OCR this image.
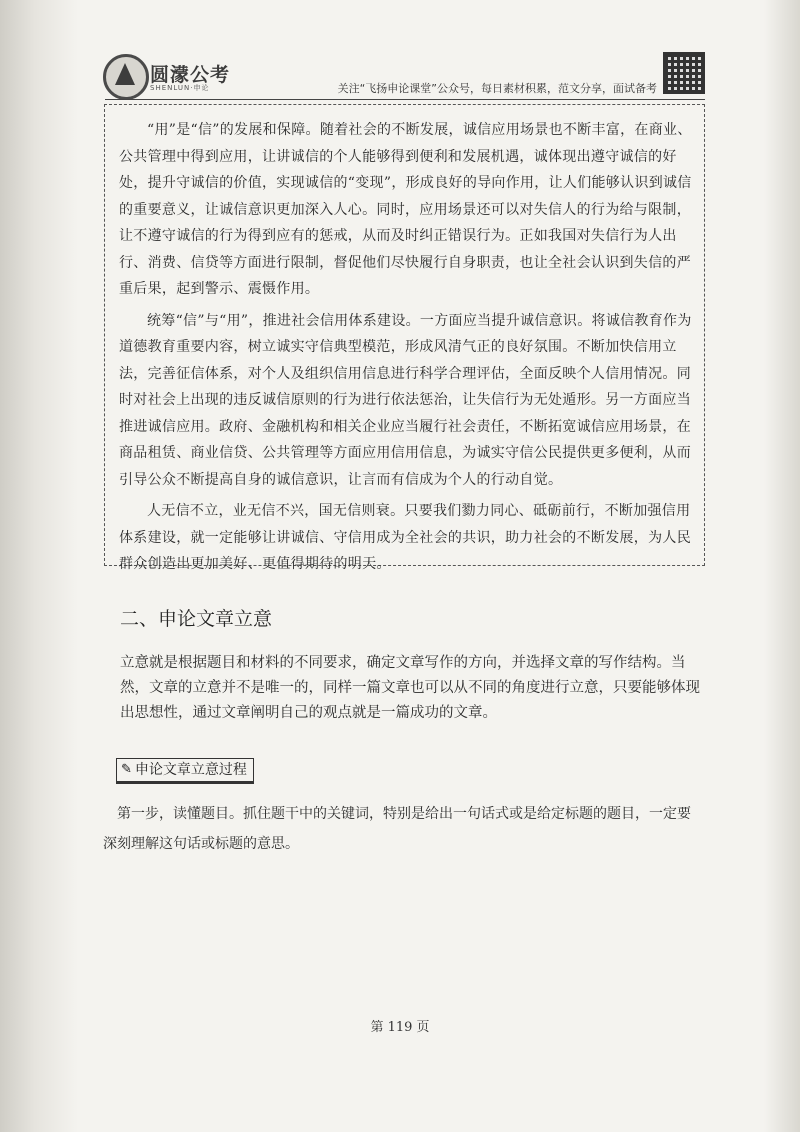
圆濛公考
SHENLUN·申论	关注“飞扬申论课堂”公众号，每日素材积累，范文分享，面试备考

“用”是“信”的发展和保障。随着社会的不断发展，诚信应用场景也不断丰富，在商业、公共管理中得到应用，让讲诚信的个人能够得到便利和发展机遇，诚体现出遵守诚信的好处，提升守诚信的价值，实现诚信的“变现”，形成良好的导向作用，让人们能够认识到诚信的重要意义，让诚信意识更加深入人心。同时，应用场景还可以对失信人的行为给与限制，让不遵守诚信的行为得到应有的惩戒，从而及时纠正错误行为。正如我国对失信行为人出行、消费、信贷等方面进行限制，督促他们尽快履行自身职责，也让全社会认识到失信的严重后果，起到警示、震慑作用。

统筹“信”与“用”，推进社会信用体系建设。一方面应当提升诚信意识。将诚信教育作为道德教育重要内容，树立诚实守信典型模范，形成风清气正的良好氛围。不断加快信用立法，完善征信体系，对个人及组织信用信息进行科学合理评估，全面反映个人信用情况。同时对社会上出现的违反诚信原则的行为进行依法惩治，让失信行为无处遁形。另一方面应当推进诚信应用。政府、金融机构和相关企业应当履行社会责任，不断拓宽诚信应用场景，在商品租赁、商业信贷、公共管理等方面应用信用信息，为诚实守信公民提供更多便利，从而引导公众不断提高自身的诚信意识，让言而有信成为个人的行动自觉。

人无信不立，业无信不兴，国无信则衰。只要我们勠力同心、砥砺前行，不断加强信用体系建设，就一定能够让讲诚信、守信用成为全社会的共识，助力社会的不断发展，为人民群众创造出更加美好、更值得期待的明天。

二、申论文章立意

立意就是根据题目和材料的不同要求，确定文章写作的方向，并选择文章的写作结构。当然，文章的立意并不是唯一的，同样一篇文章也可以从不同的角度进行立意，只要能够体现出思想性，通过文章阐明自己的观点就是一篇成功的文章。

✎ 申论文章立意过程

第一步，读懂题目。抓住题干中的关键词，特别是给出一句话式或是给定标题的题目，一定要深刻理解这句话或标题的意思。

第 119 页
